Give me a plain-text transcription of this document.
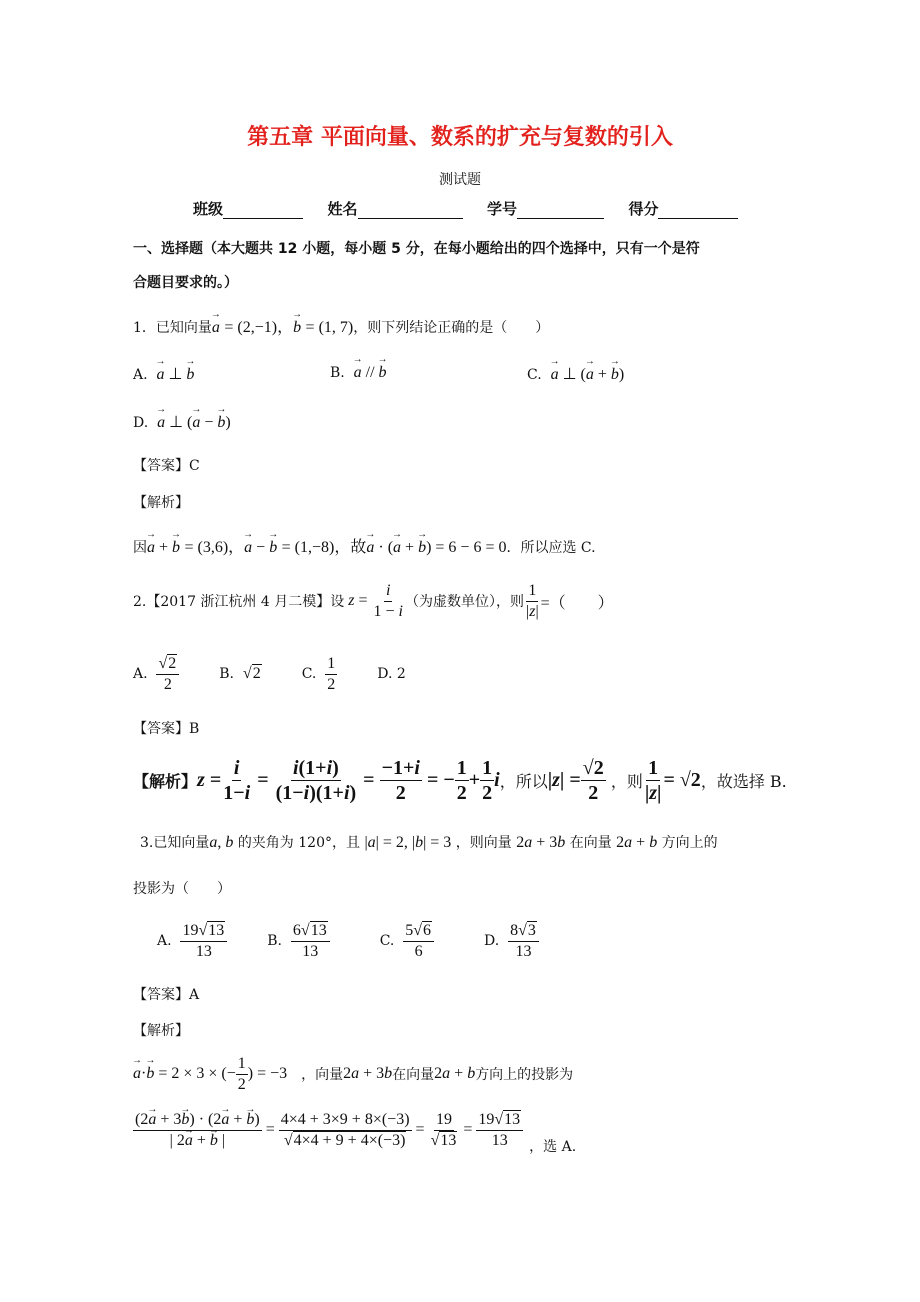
第五章 平面向量、数系的扩充与复数的引入
测试题
班级	姓名	学号	得分
一、选择题（本大题共 12 小题，每小题 5 分，在每小题给出的四个选择中，只有一个是符
合题目要求的。）
1．已知向量→ a = (2,−1)，→ b = (1, 7)，则下列结论正确的是（　　）
A. → a ⊥ → b	B. → a // → b	C. → a ⊥ (→ a + → b)
D. → a ⊥ (→ a − → b)
【答案】C
【解析】
因→ a + → b = (3,6)，→ a − → b = (1,−8)，故→ a · (→ a + → b) = 6 − 6 = 0．所以应选 C.
2.【2017 浙江杭州 4 月二模】设 $z = \frac{i}{1 - i}$ （为虚数单位），则 $\frac{1}{|z|}$ =（　　）
A.
$\frac{√2}{2}$	B. √2	C.
$\frac{1}{2}$	D. 2
【答案】B
【解析】 $z = \frac{i}{1-i} = \frac{i(1+i)}{(1-i)(1+i)} = \frac{-1+i}{2}$ = − $\frac{1}{2} + \frac{1}{2}$ i ，所以 $|z| = \frac{√2}{2}$
，则 $\frac{1}{|z|} = √2$ ，故选择 B.
3.已知向量a, b 的夹角为 120°，且 |a| = 2, |b| = 3 ，则向量 2a + 3b 在向量 2a + b 方向上的
投影为（　　）
A.
$\frac{19√13}{13}$	B.
$\frac{6√13}{13}$	C.
$\frac{5√6}{6}$	D.
$\frac{8√3}{13}$
【答案】A
【解析】
→ a · → b = 2 × 3 × (− $\frac{1}{2}$ ) = −3 ，向量 2a + 3b 在向量 2a + b 方向上的投影为
$\frac{(2\to a + 3\to b) \cdot (2\to a + \to b)}{| 2\to a + \to b |} = \frac{4\times 4 + 3\times 9 + 8\times(-3)}{√4\times 4 + 9 + 4\times(-3)} = \frac{19}{√13} = \frac{19√13}{13}$ ，选 A.
